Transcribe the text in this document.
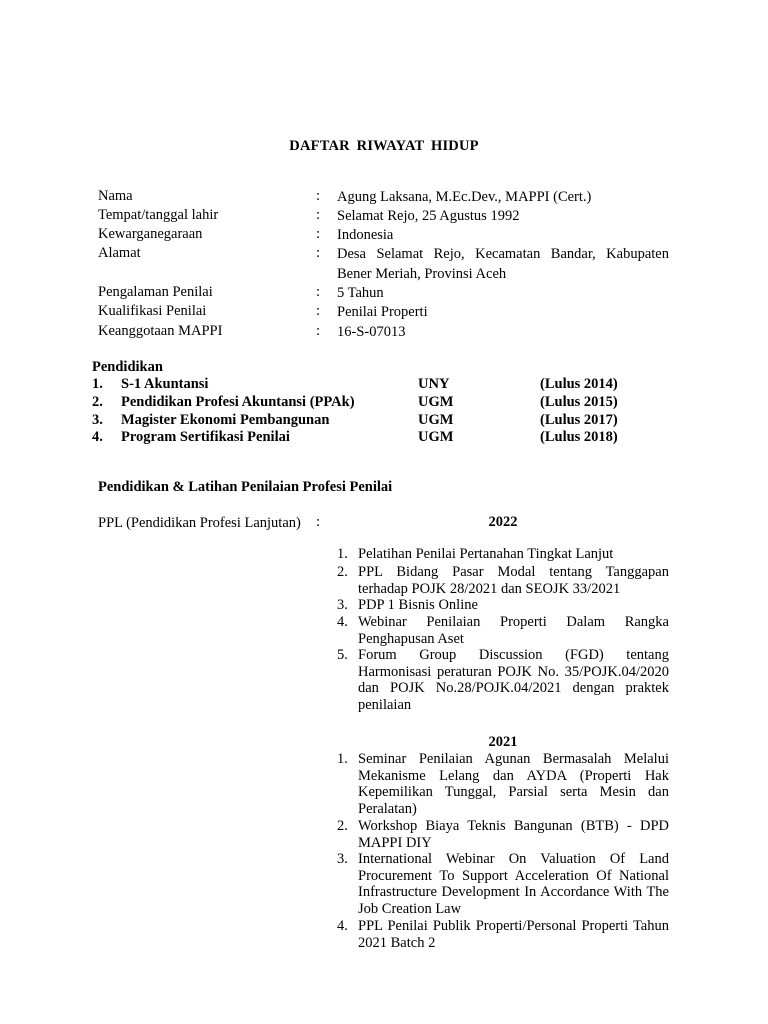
DAFTAR RIWAYAT HIDUP
Nama	: Agung Laksana, M.Ec.Dev., MAPPI (Cert.)
Tempat/tanggal lahir	: Selamat Rejo, 25 Agustus 1992
Kewarganegaraan	: Indonesia
Alamat	: Desa Selamat Rejo, Kecamatan Bandar, Kabupaten Bener Meriah, Provinsi Aceh
Pengalaman Penilai	: 5 Tahun
Kualifikasi Penilai	: Penilai Properti
Keanggotaan MAPPI	: 16-S-07013
Pendidikan
1. S-1 Akuntansi	UNY	(Lulus 2014)
2. Pendidikan Profesi Akuntansi (PPAk)	UGM	(Lulus 2015)
3. Magister Ekonomi Pembangunan	UGM	(Lulus 2017)
4. Program Sertifikasi Penilai	UGM	(Lulus 2018)
Pendidikan & Latihan Penilaian Profesi Penilai
PPL (Pendidikan Profesi Lanjutan) :	2022
1. Pelatihan Penilai Pertanahan Tingkat Lanjut
2. PPL Bidang Pasar Modal tentang Tanggapan terhadap POJK 28/2021 dan SEOJK 33/2021
3. PDP 1 Bisnis Online
4. Webinar Penilaian Properti Dalam Rangka Penghapusan Aset
5. Forum Group Discussion (FGD) tentang Harmonisasi peraturan POJK No. 35/POJK.04/2020 dan POJK No.28/POJK.04/2021 dengan praktek penilaian
2021
1. Seminar Penilaian Agunan Bermasalah Melalui Mekanisme Lelang dan AYDA (Properti Hak Kepemilikan Tunggal, Parsial serta Mesin dan Peralatan)
2. Workshop Biaya Teknis Bangunan (BTB) - DPD MAPPI DIY
3. International Webinar On Valuation Of Land Procurement To Support Acceleration Of National Infrastructure Development In Accordance With The Job Creation Law
4. PPL Penilai Publik Properti/Personal Properti Tahun 2021 Batch 2
